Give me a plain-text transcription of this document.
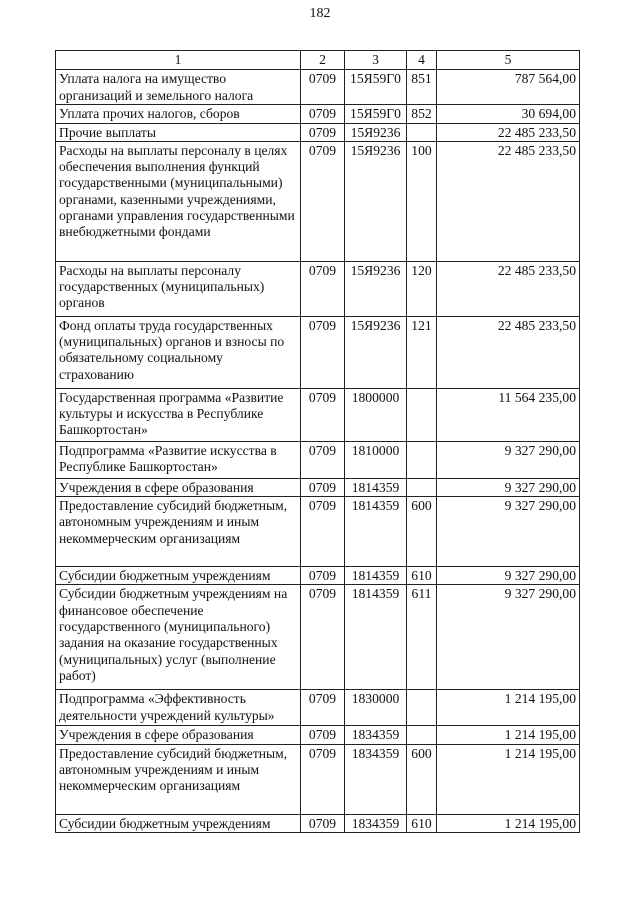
182
1	2	3	4	5
Уплата налога на имущество организаций и земельного налога	0709	15Я59Г0	851	787 564,00
Уплата прочих налогов, сборов	0709	15Я59Г0	852	30 694,00
Прочие выплаты	0709	15Я9236		22 485 233,50
Расходы на выплаты персоналу в целях обеспечения выполнения функций государственными (муниципальными) органами, казенными учреждениями, органами управления государственными внебюджетными фондами	0709	15Я9236	100	22 485 233,50
Расходы на выплаты персоналу государственных (муниципальных) органов	0709	15Я9236	120	22 485 233,50
Фонд оплаты труда государственных (муниципальных) органов и взносы по обязательному социальному страхованию	0709	15Я9236	121	22 485 233,50
Государственная программа «Развитие культуры и искусства в Республике Башкортостан»	0709	1800000		11 564 235,00
Подпрограмма «Развитие искусства в Республике Башкортостан»	0709	1810000		9 327 290,00
Учреждения в сфере образования	0709	1814359		9 327 290,00
Предоставление субсидий бюджетным, автономным учреждениям и иным некоммерческим организациям	0709	1814359	600	9 327 290,00
Субсидии бюджетным учреждениям	0709	1814359	610	9 327 290,00
Субсидии бюджетным учреждениям на финансовое обеспечение государственного (муниципального) задания на оказание государственных (муниципальных) услуг (выполнение работ)	0709	1814359	611	9 327 290,00
Подпрограмма «Эффективность деятельности учреждений культуры»	0709	1830000		1 214 195,00
Учреждения в сфере образования	0709	1834359		1 214 195,00
Предоставление субсидий бюджетным, автономным учреждениям и иным некоммерческим организациям	0709	1834359	600	1 214 195,00
Субсидии бюджетным учреждениям	0709	1834359	610	1 214 195,00
